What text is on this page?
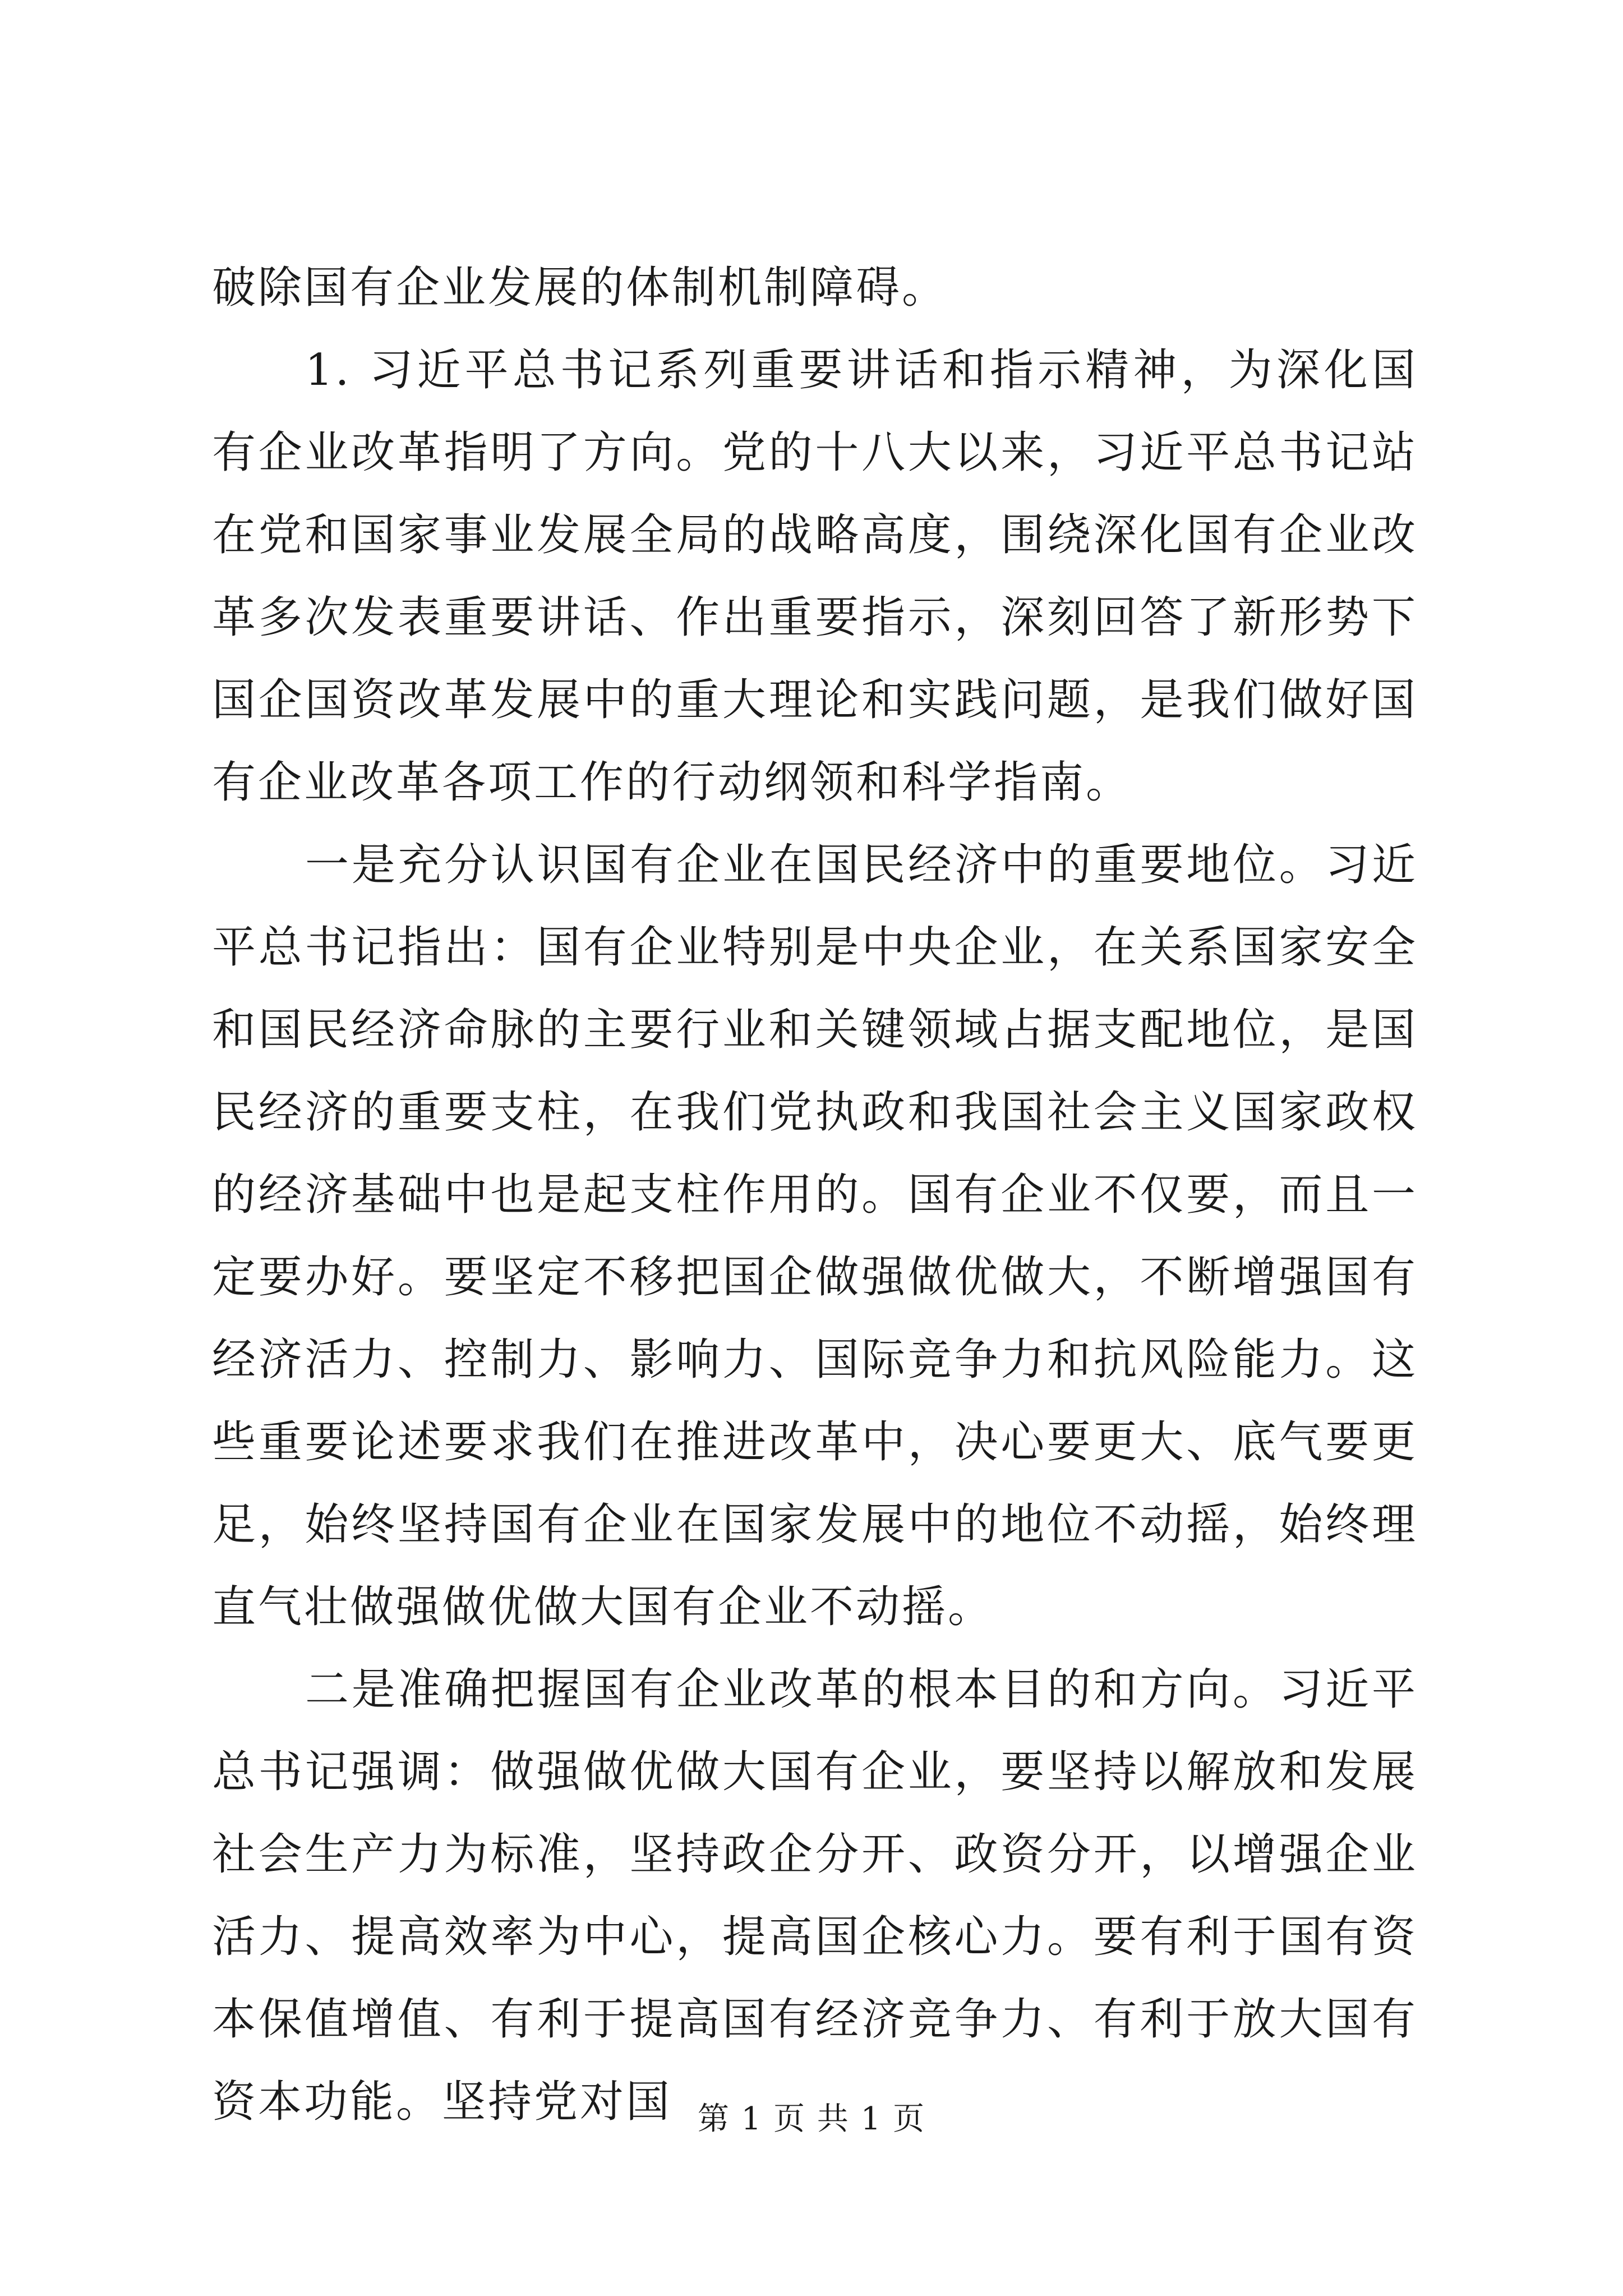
破除国有企业发展的体制机制障碍。

1. 习近平总书记系列重要讲话和指示精神，为深化国有企业改革指明了方向。党的十八大以来，习近平总书记站在党和国家事业发展全局的战略高度，围绕深化国有企业改革多次发表重要讲话、作出重要指示，深刻回答了新形势下国企国资改革发展中的重大理论和实践问题，是我们做好国有企业改革各项工作的行动纲领和科学指南。

一是充分认识国有企业在国民经济中的重要地位。习近平总书记指出：国有企业特别是中央企业，在关系国家安全和国民经济命脉的主要行业和关键领域占据支配地位，是国民经济的重要支柱，在我们党执政和我国社会主义国家政权的经济基础中也是起支柱作用的。国有企业不仅要，而且一定要办好。要坚定不移把国企做强做优做大，不断增强国有经济活力、控制力、影响力、国际竞争力和抗风险能力。这些重要论述要求我们在推进改革中，决心要更大、底气要更足，始终坚持国有企业在国家发展中的地位不动摇，始终理直气壮做强做优做大国有企业不动摇。

二是准确把握国有企业改革的根本目的和方向。习近平总书记强调：做强做优做大国有企业，要坚持以解放和发展社会生产力为标准，坚持政企分开、政资分开，以增强企业活力、提高效率为中心，提高国企核心力。要有利于国有资本保值增值、有利于提高国有经济竞争力、有利于放大国有资本功能。坚持党对国 第 1 页 共 1 页
